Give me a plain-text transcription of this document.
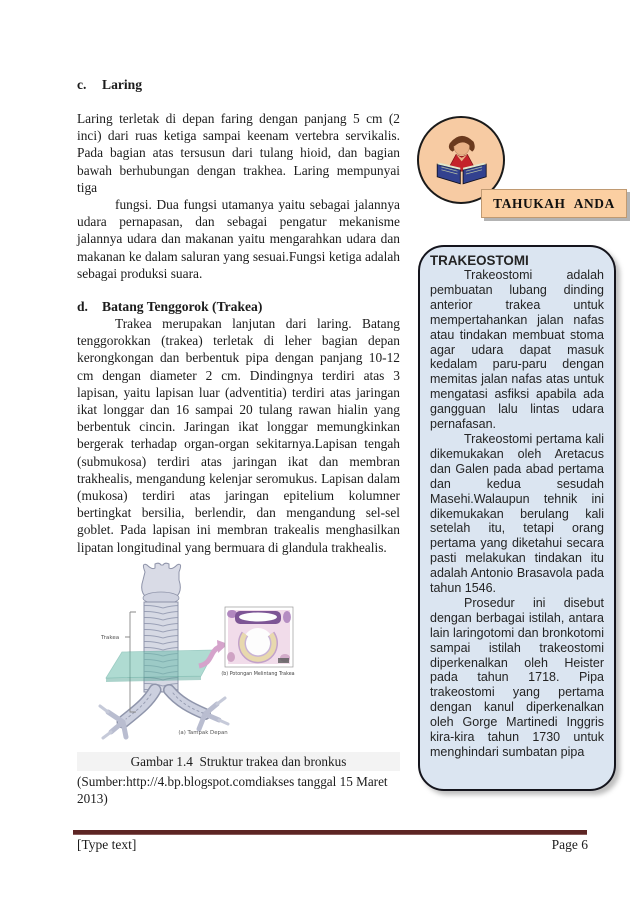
c. Laring

Laring terletak di depan faring dengan panjang 5 cm (2 inci) dari ruas ketiga sampai keenam vertebra servikalis. Pada bagian atas tersusun dari tulang hioid, dan bagian bawah berhubungan dengan trakhea. Laring mempunyai tiga

fungsi. Dua fungsi utamanya yaitu sebagai jalannya udara pernapasan, dan sebagai pengatur mekanisme jalannya udara dan makanan yaitu mengarahkan udara dan makanan ke dalam saluran yang sesuai.Fungsi ketiga adalah sebagai produksi suara.

d. Batang Tenggorok (Trakea)

Trakea merupakan lanjutan dari laring. Batang tenggorokkan (trakea) terletak di leher bagian depan kerongkongan dan berbentuk pipa dengan panjang 10-12 cm dengan diameter 2 cm. Dindingnya terdiri atas 3 lapisan, yaitu lapisan luar (adventitia) terdiri atas jaringan ikat longgar dan 16 sampai 20 tulang rawan hialin yang berbentuk cincin. Jaringan ikat longgar memungkinkan bergerak terhadap organ-organ sekitarnya.Lapisan tengah (submukosa) terdiri atas jaringan ikat dan membran trakhealis, mengandung kelenjar seromukus. Lapisan dalam (mukosa) terdiri atas jaringan epitelium kolumner bertingkat bersilia, berlendir, dan mengandung sel-sel goblet. Pada lapisan ini membran trakealis menghasilkan lipatan longitudinal yang bermuara di glandula trakhealis.

Trakea
(b) Potongan Melintang Trakea
(a) Tampak Depan
Gambar 1.4  Struktur trakea dan bronkus
(Sumber:http://4.bp.blogspot.comdiakses tanggal 15 Maret
2013)
TAHUKAH ANDA
TRAKEOSTOMI

Trakeostomi adalah pembuatan lubang dinding anterior trakea untuk mempertahankan jalan nafas atau tindakan membuat stoma agar udara dapat masuk kedalam paru-paru dengan memitas jalan nafas atas untuk mengatasi asfiksi apabila ada gangguan lalu lintas udara pernafasan.

Trakeostomi pertama kali dikemukakan oleh Aretacus dan Galen pada abad pertama dan kedua sesudah Masehi.Walaupun tehnik ini dikemukakan berulang kali setelah itu, tetapi orang pertama yang diketahui secara pasti melakukan tindakan itu adalah Antonio Brasavola pada tahun 1546.

Prosedur ini disebut dengan berbagai istilah, antara lain laringotomi dan bronkotomi sampai istilah trakeostomi diperkenalkan oleh Heister pada tahun 1718. Pipa trakeostomi yang pertama dengan kanul diperkenalkan oleh Gorge Martinedi Inggris kira-kira tahun 1730 untuk menghindari sumbatan pipa

[Type text]	Page 6
